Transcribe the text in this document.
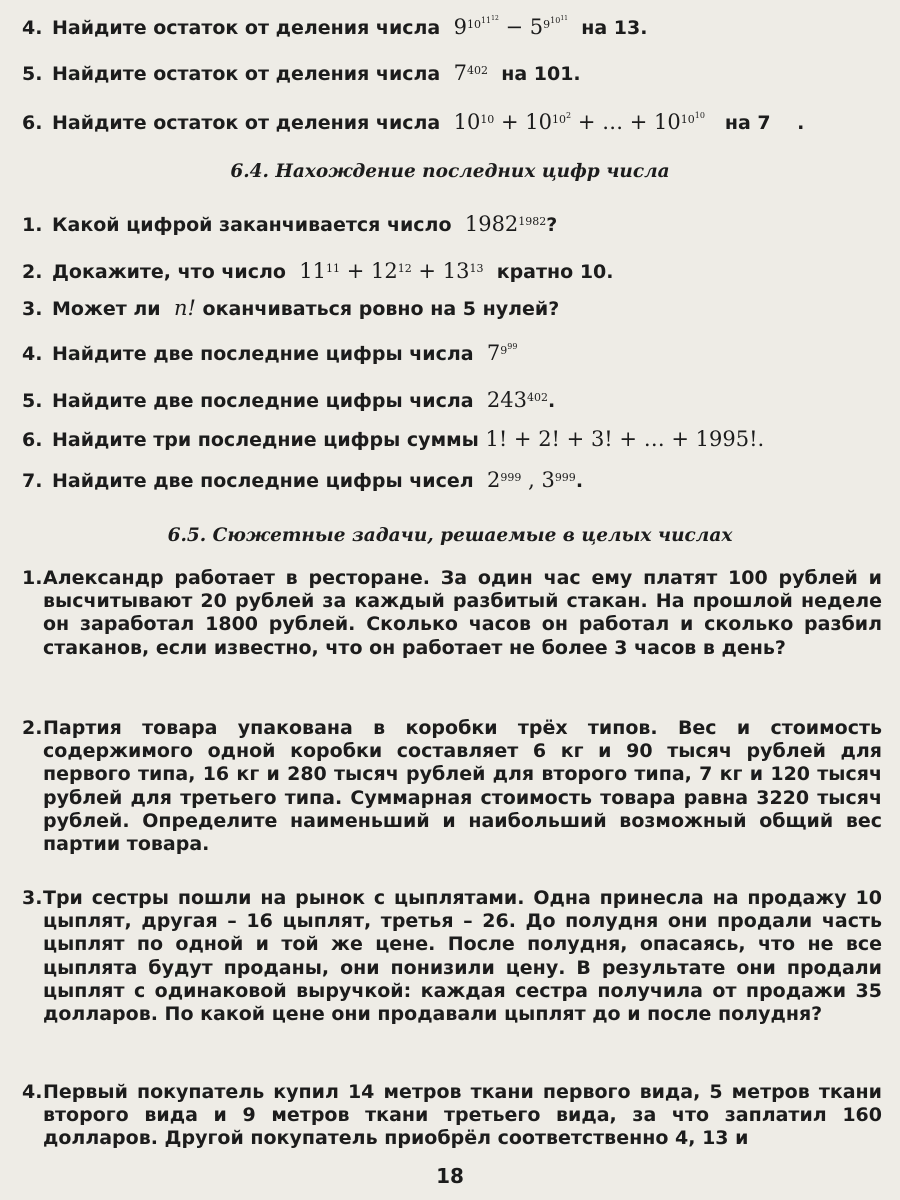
4. Найдите остаток от деления числа $9^{10^{11^{12}}} - 5^{9^{10^{11}}}$ на 13.
5. Найдите остаток от деления числа $7^{402}$ на 101.
6. Найдите остаток от деления числа $10^{10} + 10^{10^2}$ + … + $10^{10^{10}}$ на 7 .
6.4. Нахождение последних цифр числа
1. Какой цифрой заканчивается число $1982^{1982}$?
2. Докажите, что число $11^{11} + 12^{12} + 13^{13}$ кратно 10.
3. Может ли n! оканчиваться ровно на 5 нулей?
4. Найдите две последние цифры числа $7^{9^{99}}$
5. Найдите две последние цифры числа $243^{402}$.
6. Найдите три последние цифры суммы 1! + 2! + 3! + … + 1995!.
7. Найдите две последние цифры чисел $2^{999}$ , $3^{999}$.
6.5. Сюжетные задачи, решаемые в целых числах
1. Александр работает в ресторане. За один час ему платят 100 рублей и высчитывают 20 рублей за каждый разбитый стакан. На прошлой неделе он заработал 1800 рублей. Сколько часов он работал и сколько разбил стаканов, если известно, что он работает не более 3 часов в день?
2. Партия товара упакована в коробки трёх типов. Вес и стоимость содержимого одной коробки составляет 6 кг и 90 тысяч рублей для первого типа, 16 кг и 280 тысяч рублей для второго типа, 7 кг и 120 тысяч рублей для третьего типа. Суммарная стоимость товара равна 3220 тысяч рублей. Определите наименьший и наибольший возможный общий вес партии товара.
3. Три сестры пошли на рынок с цыплятами. Одна принесла на продажу 10 цыплят, другая – 16 цыплят, третья – 26. До полудня они продали часть цыплят по одной и той же цене. После полудня, опасаясь, что не все цыплята будут проданы, они понизили цену. В результате они продали цыплят с одинаковой выручкой: каждая сестра получила от продажи 35 долларов. По какой цене они продавали цыплят до и после полудня?
4. Первый покупатель купил 14 метров ткани первого вида, 5 метров ткани второго вида и 9 метров ткани третьего вида, за что заплатил 160 долларов. Другой покупатель приобрёл соответственно 4, 13 и
18
